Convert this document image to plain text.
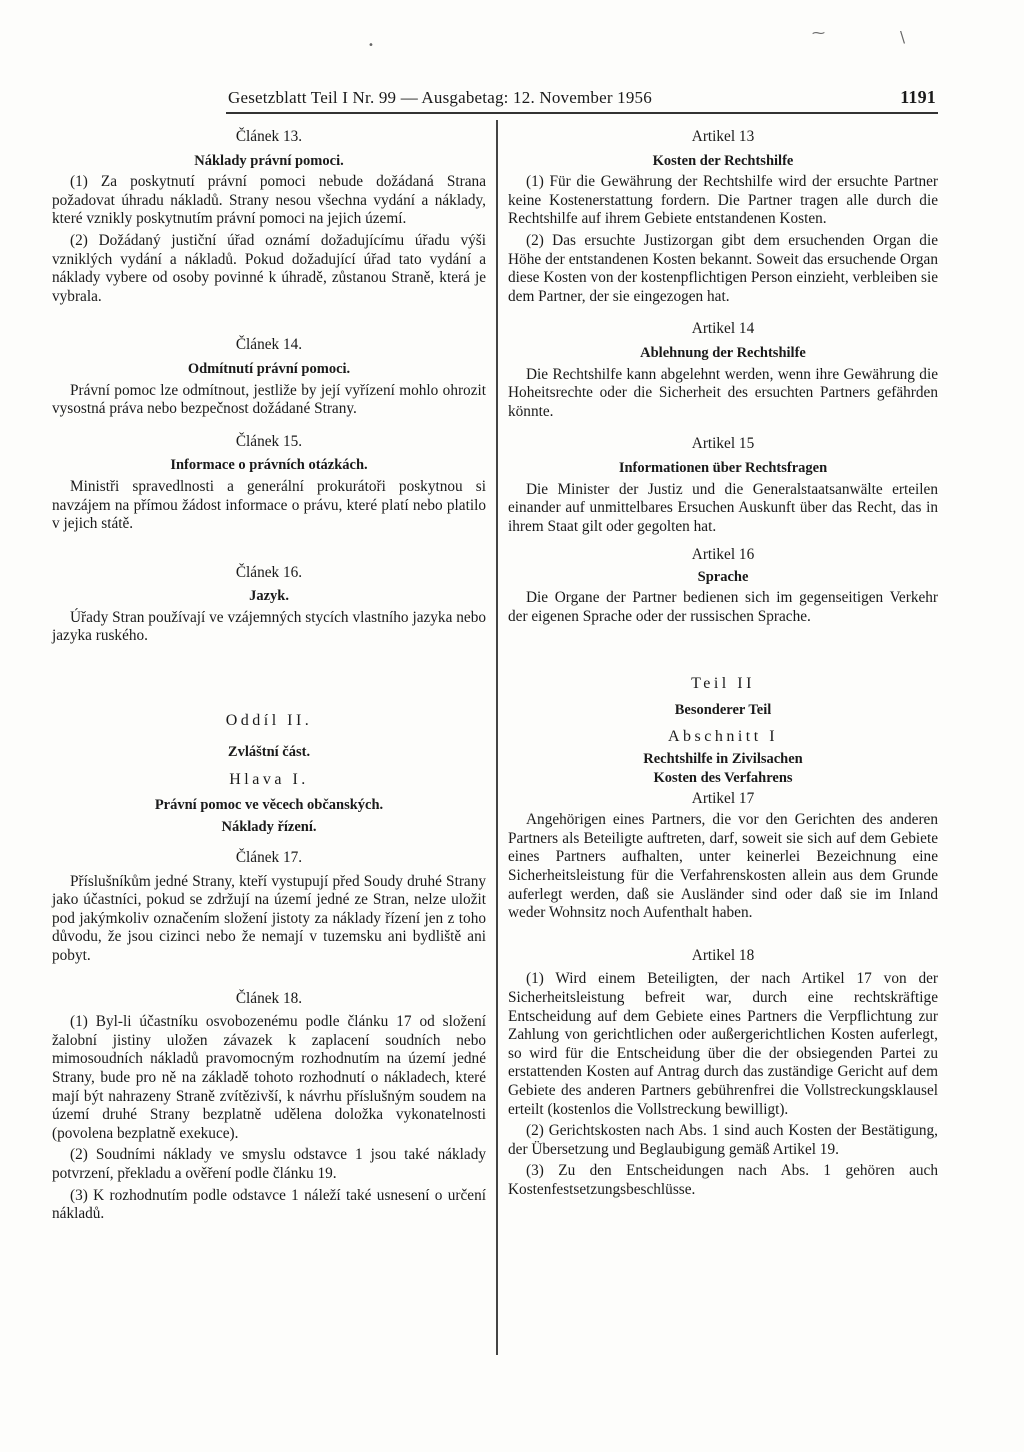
Gesetzblatt Teil I Nr. 99 — Ausgabetag: 12. November 1956	1191
•
⁓	\

Článek 13.

Náklady právní pomoci.

(1) Za poskytnutí právní pomoci nebude dožádaná Strana požadovat úhradu nákladů. Strany nesou všechna vydání a náklady, které vznikly poskytnutím právní pomoci na jejich území.

(2) Dožádaný justiční úřad oznámí dožadujícímu úřadu výši vzniklých vydání a nákladů. Pokud dožadující úřad tato vydání a náklady vybere od osoby povinné k úhradě, zůstanou Straně, která je vybrala.

Článek 14.

Odmítnutí právní pomoci.

Právní pomoc lze odmítnout, jestliže by její vyřízení mohlo ohrozit vysostná práva nebo bezpečnost dožádané Strany.

Článek 15.

Informace o právních otázkách.

Ministři spravedlnosti a generální prokurátoři poskytnou si navzájem na přímou žádost informace o právu, které platí nebo platilo v jejich státě.

Článek 16.

Jazyk.

Úřady Stran používají ve vzájemných stycích vlastního jazyka nebo jazyka ruského.

Oddíl II.

Zvláštní část.

Hlava I.

Právní pomoc ve věcech občanských.

Náklady řízení.

Článek 17.

Příslušníkům jedné Strany, kteří vystupují před Soudy druhé Strany jako účastníci, pokud se zdržují na území jedné ze Stran, nelze uložit pod jakýmkoliv označením složení jistoty za náklady řízení jen z toho důvodu, že jsou cizinci nebo že nemají v tuzemsku ani bydliště ani pobyt.

Článek 18.

(1) Byl-li účastníku osvobozenému podle článku 17 od složení žalobní jistiny uložen závazek k zaplacení soudních nebo mimosoudních nákladů pravomocným rozhodnutím na území jedné Strany, bude pro ně na základě tohoto rozhodnutí o nákladech, které mají být nahrazeny Straně zvítězivší, k návrhu příslušným soudem na území druhé Strany bezplatně udělena doložka vykonatelnosti (povolena bezplatně exekuce).

(2) Soudními náklady ve smyslu odstavce 1 jsou také náklady potvrzení, překladu a ověření podle článku 19.

(3) K rozhodnutím podle odstavce 1 náleží také usnesení o určení nákladů.

Artikel 13

Kosten der Rechtshilfe

(1) Für die Gewährung der Rechtshilfe wird der ersuchte Partner keine Kostenerstattung fordern. Die Partner tragen alle durch die Rechtshilfe auf ihrem Gebiete entstandenen Kosten.

(2) Das ersuchte Justizorgan gibt dem ersuchenden Organ die Höhe der entstandenen Kosten bekannt. Soweit das ersuchende Organ diese Kosten von der kostenpflichtigen Person einzieht, verbleiben sie dem Partner, der sie eingezogen hat.

Artikel 14

Ablehnung der Rechtshilfe

Die Rechtshilfe kann abgelehnt werden, wenn ihre Gewährung die Hoheitsrechte oder die Sicherheit des ersuchten Partners gefährden könnte.

Artikel 15

Informationen über Rechtsfragen

Die Minister der Justiz und die Generalstaatsanwälte erteilen einander auf unmittelbares Ersuchen Auskunft über das Recht, das in ihrem Staat gilt oder gegolten hat.

Artikel 16

Sprache

Die Organe der Partner bedienen sich im gegenseitigen Verkehr der eigenen Sprache oder der russischen Sprache.

Teil II

Besonderer Teil

Abschnitt I

Rechtshilfe in Zivilsachen

Kosten des Verfahrens

Artikel 17

Angehörigen eines Partners, die vor den Gerichten des anderen Partners als Beteiligte auftreten, darf, soweit sie sich auf dem Gebiete eines Partners aufhalten, unter keinerlei Bezeichnung eine Sicherheitsleistung für die Verfahrenskosten allein aus dem Grunde auferlegt werden, daß sie Ausländer sind oder daß sie im Inland weder Wohnsitz noch Aufenthalt haben.

Artikel 18

(1) Wird einem Beteiligten, der nach Artikel 17 von der Sicherheitsleistung befreit war, durch eine rechtskräftige Entscheidung auf dem Gebiete eines Partners die Verpflichtung zur Zahlung von gerichtlichen oder außergerichtlichen Kosten auferlegt, so wird für die Entscheidung über die der obsiegenden Partei zu erstattenden Kosten auf Antrag durch das zuständige Gericht auf dem Gebiete des anderen Partners gebührenfrei die Vollstreckungsklausel erteilt (kostenlos die Vollstreckung bewilligt).

(2) Gerichtskosten nach Abs. 1 sind auch Kosten der Bestätigung, der Übersetzung und Beglaubigung gemäß Artikel 19.

(3) Zu den Entscheidungen nach Abs. 1 gehören auch Kostenfestsetzungsbeschlüsse.
